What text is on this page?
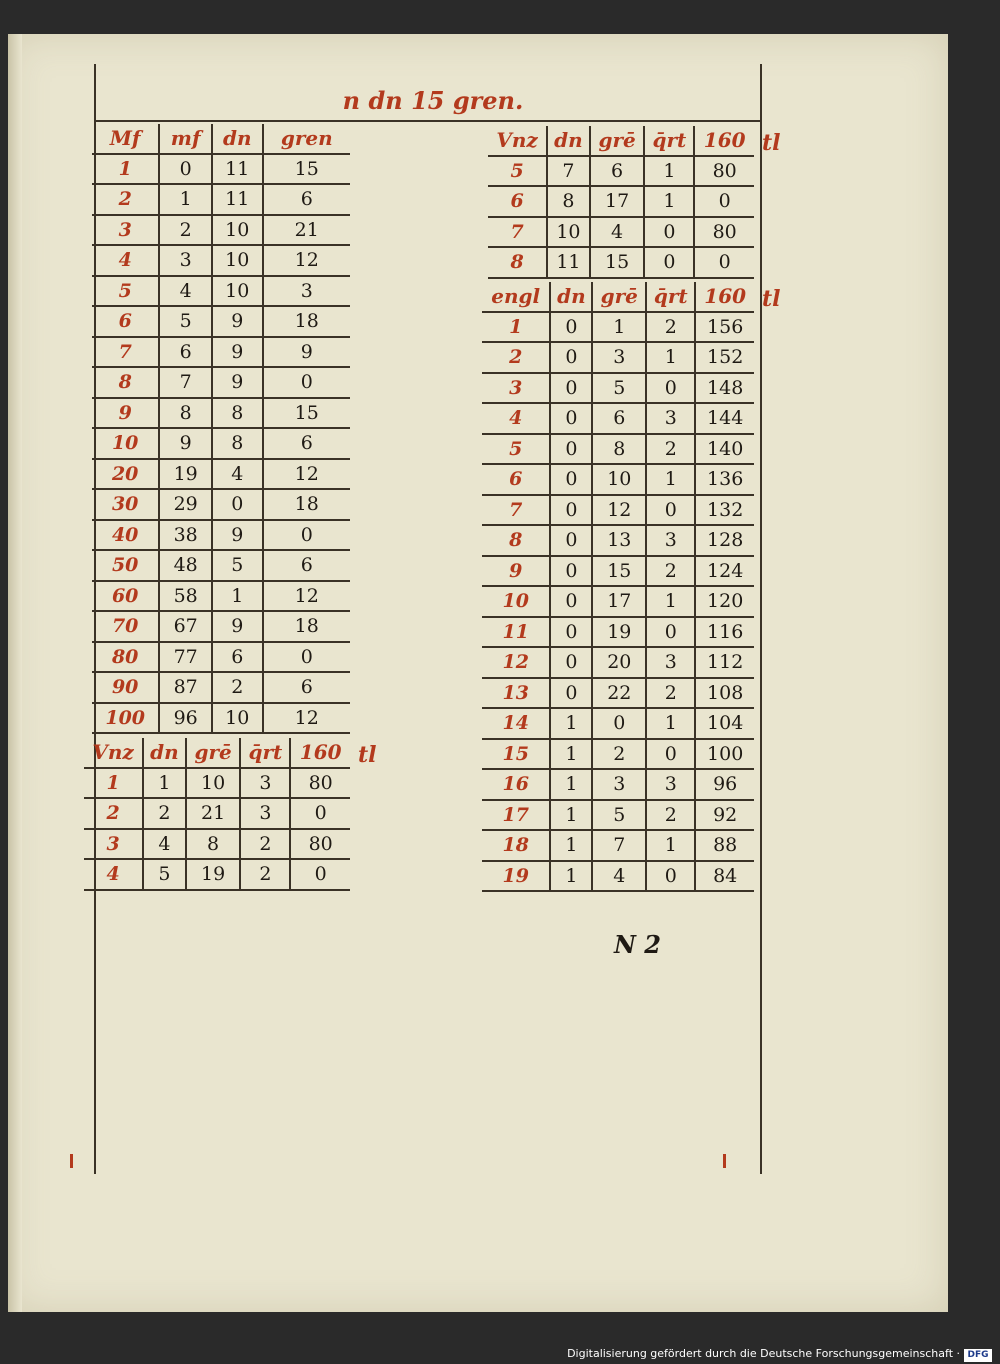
n dn 15 gren.
Mf	mf	dn	gren
1	0	11	15
2	1	11	6
3	2	10	21
4	3	10	12
5	4	10	3
6	5	9	18
7	6	9	9
8	7	9	0
9	8	8	15
10	9	8	6
20	19	4	12
30	29	0	18
40	38	9	0
50	48	5	6
60	58	1	12
70	67	9	18
80	77	6	0
90	87	2	6
100	96	10	12
Vnz	dn	grē	q̄rt	160
1	1	10	3	80
2	2	21	3	0
3	4	8	2	80
4	5	19	2	0
tl
Vnz	dn	grē	q̄rt	160
5	7	6	1	80
6	8	17	1	0
7	10	4	0	80
8	11	15	0	0
tl
engl	dn	grē	q̄rt	160
1	0	1	2	156
2	0	3	1	152
3	0	5	0	148
4	0	6	3	144
5	0	8	2	140
6	0	10	1	136
7	0	12	0	132
8	0	13	3	128
9	0	15	2	124
10	0	17	1	120
11	0	19	0	116
12	0	20	3	112
13	0	22	2	108
14	1	0	1	104
15	1	2	0	100
16	1	3	3	96
17	1	5	2	92
18	1	7	1	88
19	1	4	0	84
tl
N 2
Digitalisierung gefördert durch die Deutsche Forschungsgemeinschaft · DFG
